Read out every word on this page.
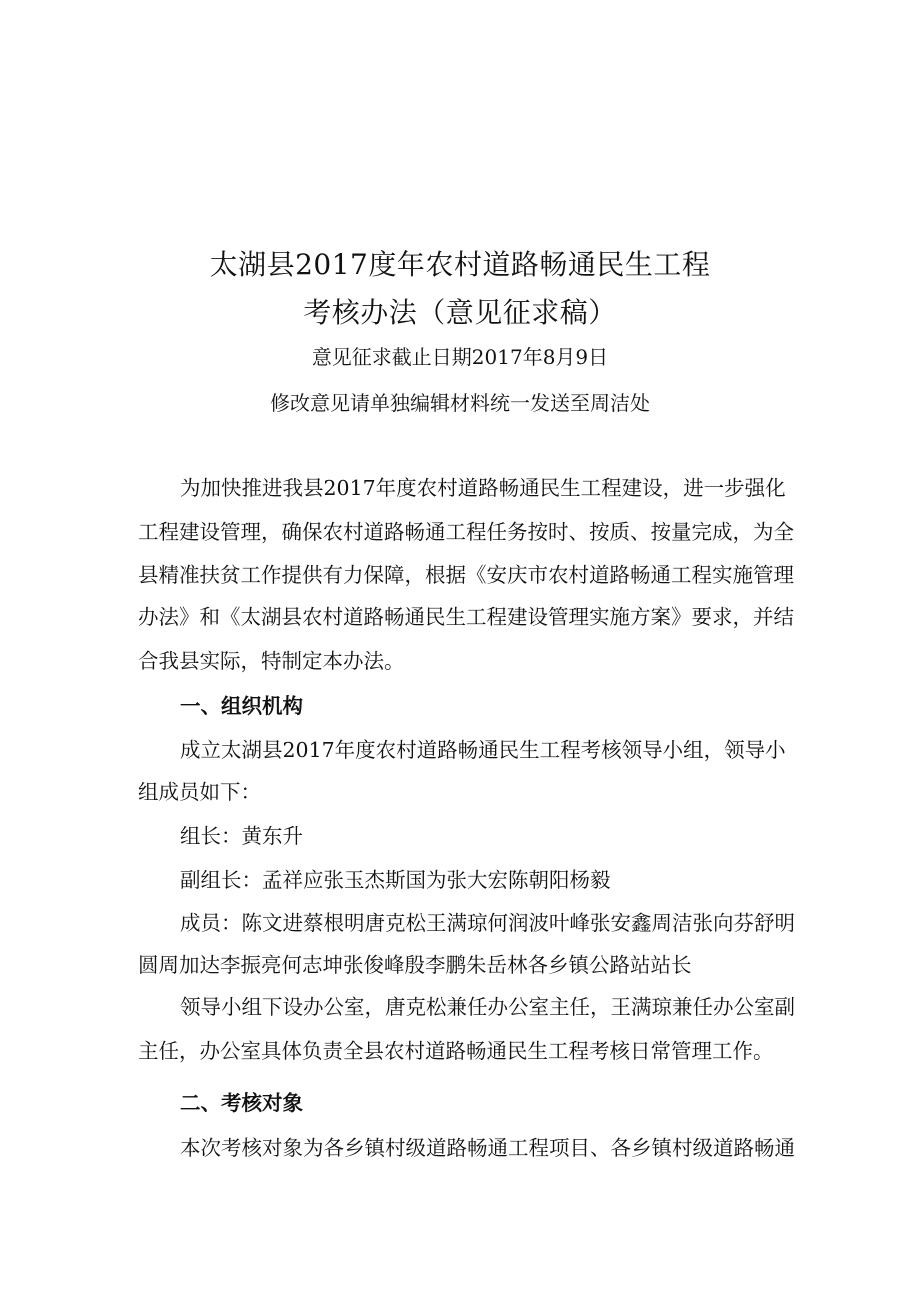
太湖县2017度年农村道路畅通民生工程
考核办法（意见征求稿）
意见征求截止日期2017年8月9日
修改意见请单独编辑材料统一发送至周洁处
为加快推进我县2017年度农村道路畅通民生工程建设，进一步强化
工程建设管理，确保农村道路畅通工程任务按时、按质、按量完成，为全
县精准扶贫工作提供有力保障，根据《安庆市农村道路畅通工程实施管理
办法》和《太湖县农村道路畅通民生工程建设管理实施方案》要求，并结
合我县实际，特制定本办法。
一、组织机构
成立太湖县2017年度农村道路畅通民生工程考核领导小组，领导小
组成员如下：
组长：黄东升
副组长：孟祥应张玉杰斯国为张大宏陈朝阳杨毅
成员：陈文进蔡根明唐克松王满琼何润波叶峰张安鑫周洁张向芬舒明
圆周加达李振亮何志坤张俊峰殷李鹏朱岳林各乡镇公路站站长
领导小组下设办公室，唐克松兼任办公室主任，王满琼兼任办公室副
主任，办公室具体负责全县农村道路畅通民生工程考核日常管理工作。
二、考核对象
本次考核对象为各乡镇村级道路畅通工程项目、各乡镇村级道路畅通
